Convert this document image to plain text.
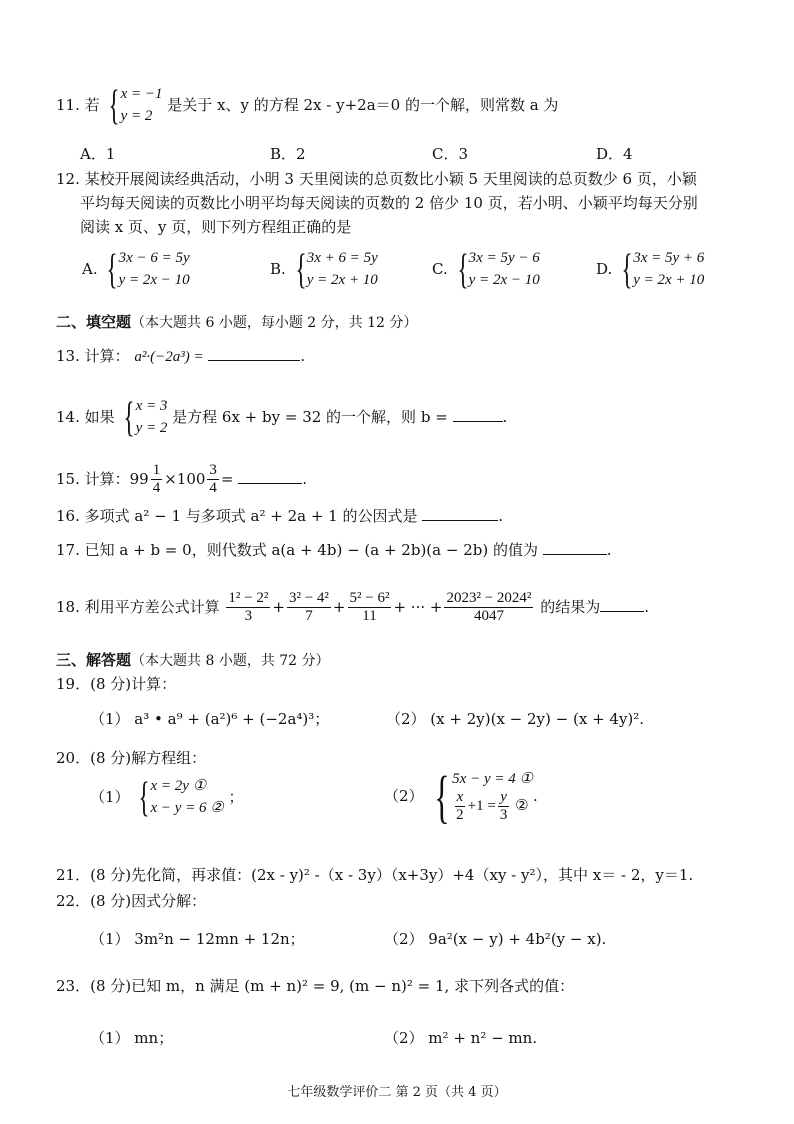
11. 若 { x = −1
y = 2
是关于 x、y 的方程 2x - y+2a＝0 的一个解，则常数 a 为
A．1	B．2	C．3	D．4
12. 某校开展阅读经典活动，小明 3 天里阅读的总页数比小颖 5 天里阅读的总页数少 6 页，小颖
平均每天阅读的页数比小明平均每天阅读的页数的 2 倍少 10 页，若小明、小颖平均每天分别
阅读 x 页、y 页，则下列方程组正确的是
A. { 3x − 6 = 5y
y = 2x − 10
B. { 3x + 6 = 5y
y = 2x + 10
C. { 3x = 5y − 6
y = 2x − 10
D. { 3x = 5y + 6
y = 2x + 10
二、填空题（本大题共 6 小题，每小题 2 分，共 12 分）
13. 计算： a²·(−2a³) =	.
14. 如果 { x = 3
y = 2
是方程 6x + by = 32 的一个解，则 b =	.
15. 计算：$99 \frac{1}{4} \times 100 \frac{3}{4}$ =	.
16. 多项式 a² − 1 与多项式 a² + 2a + 1 的公因式是	.
17. 已知 a + b = 0，则代数式 a(a + 4b) − (a + 2b)(a − 2b) 的值为	.
18. 利用平方差公式计算 $\frac{\text{1² − 2²}}{3} + \frac{\text{3² − 4²}}{7} + \frac{\text{5² − 6²}}{11}$ + ··· + $\frac{\text{2023² − 2024²}}{4047}$ 的结果为	.
三、解答题（本大题共 8 小题，共 72 分）
19．(8 分)计算：
（1） a³ • a⁹ + (a²)⁶ + (−2a⁴)³；	（2） (x + 2y)(x − 2y) − (x + 4y)².
20．(8 分)解方程组：
（1） { x = 2y ①
x − y = 6 ②
；	（2） { 5x − y = 4 ①
$\frac{x}{2} +1 = \frac{y}{3}$ ②
.
21．(8 分)先化简，再求值：(2x - y)² -（x - 3y）（x+3y）+4（xy - y²），其中 x＝ - 2，y＝1.
22．(8 分)因式分解：
（1） 3m²n − 12mn + 12n；	（2） 9a²(x − y) + 4b²(y − x).
23．(8 分)已知 m，n 满足 (m + n)² = 9, (m − n)² = 1, 求下列各式的值：
（1） mn；	（2） m² + n² − mn.
七年级数学评价二 第 2 页（共 4 页）
